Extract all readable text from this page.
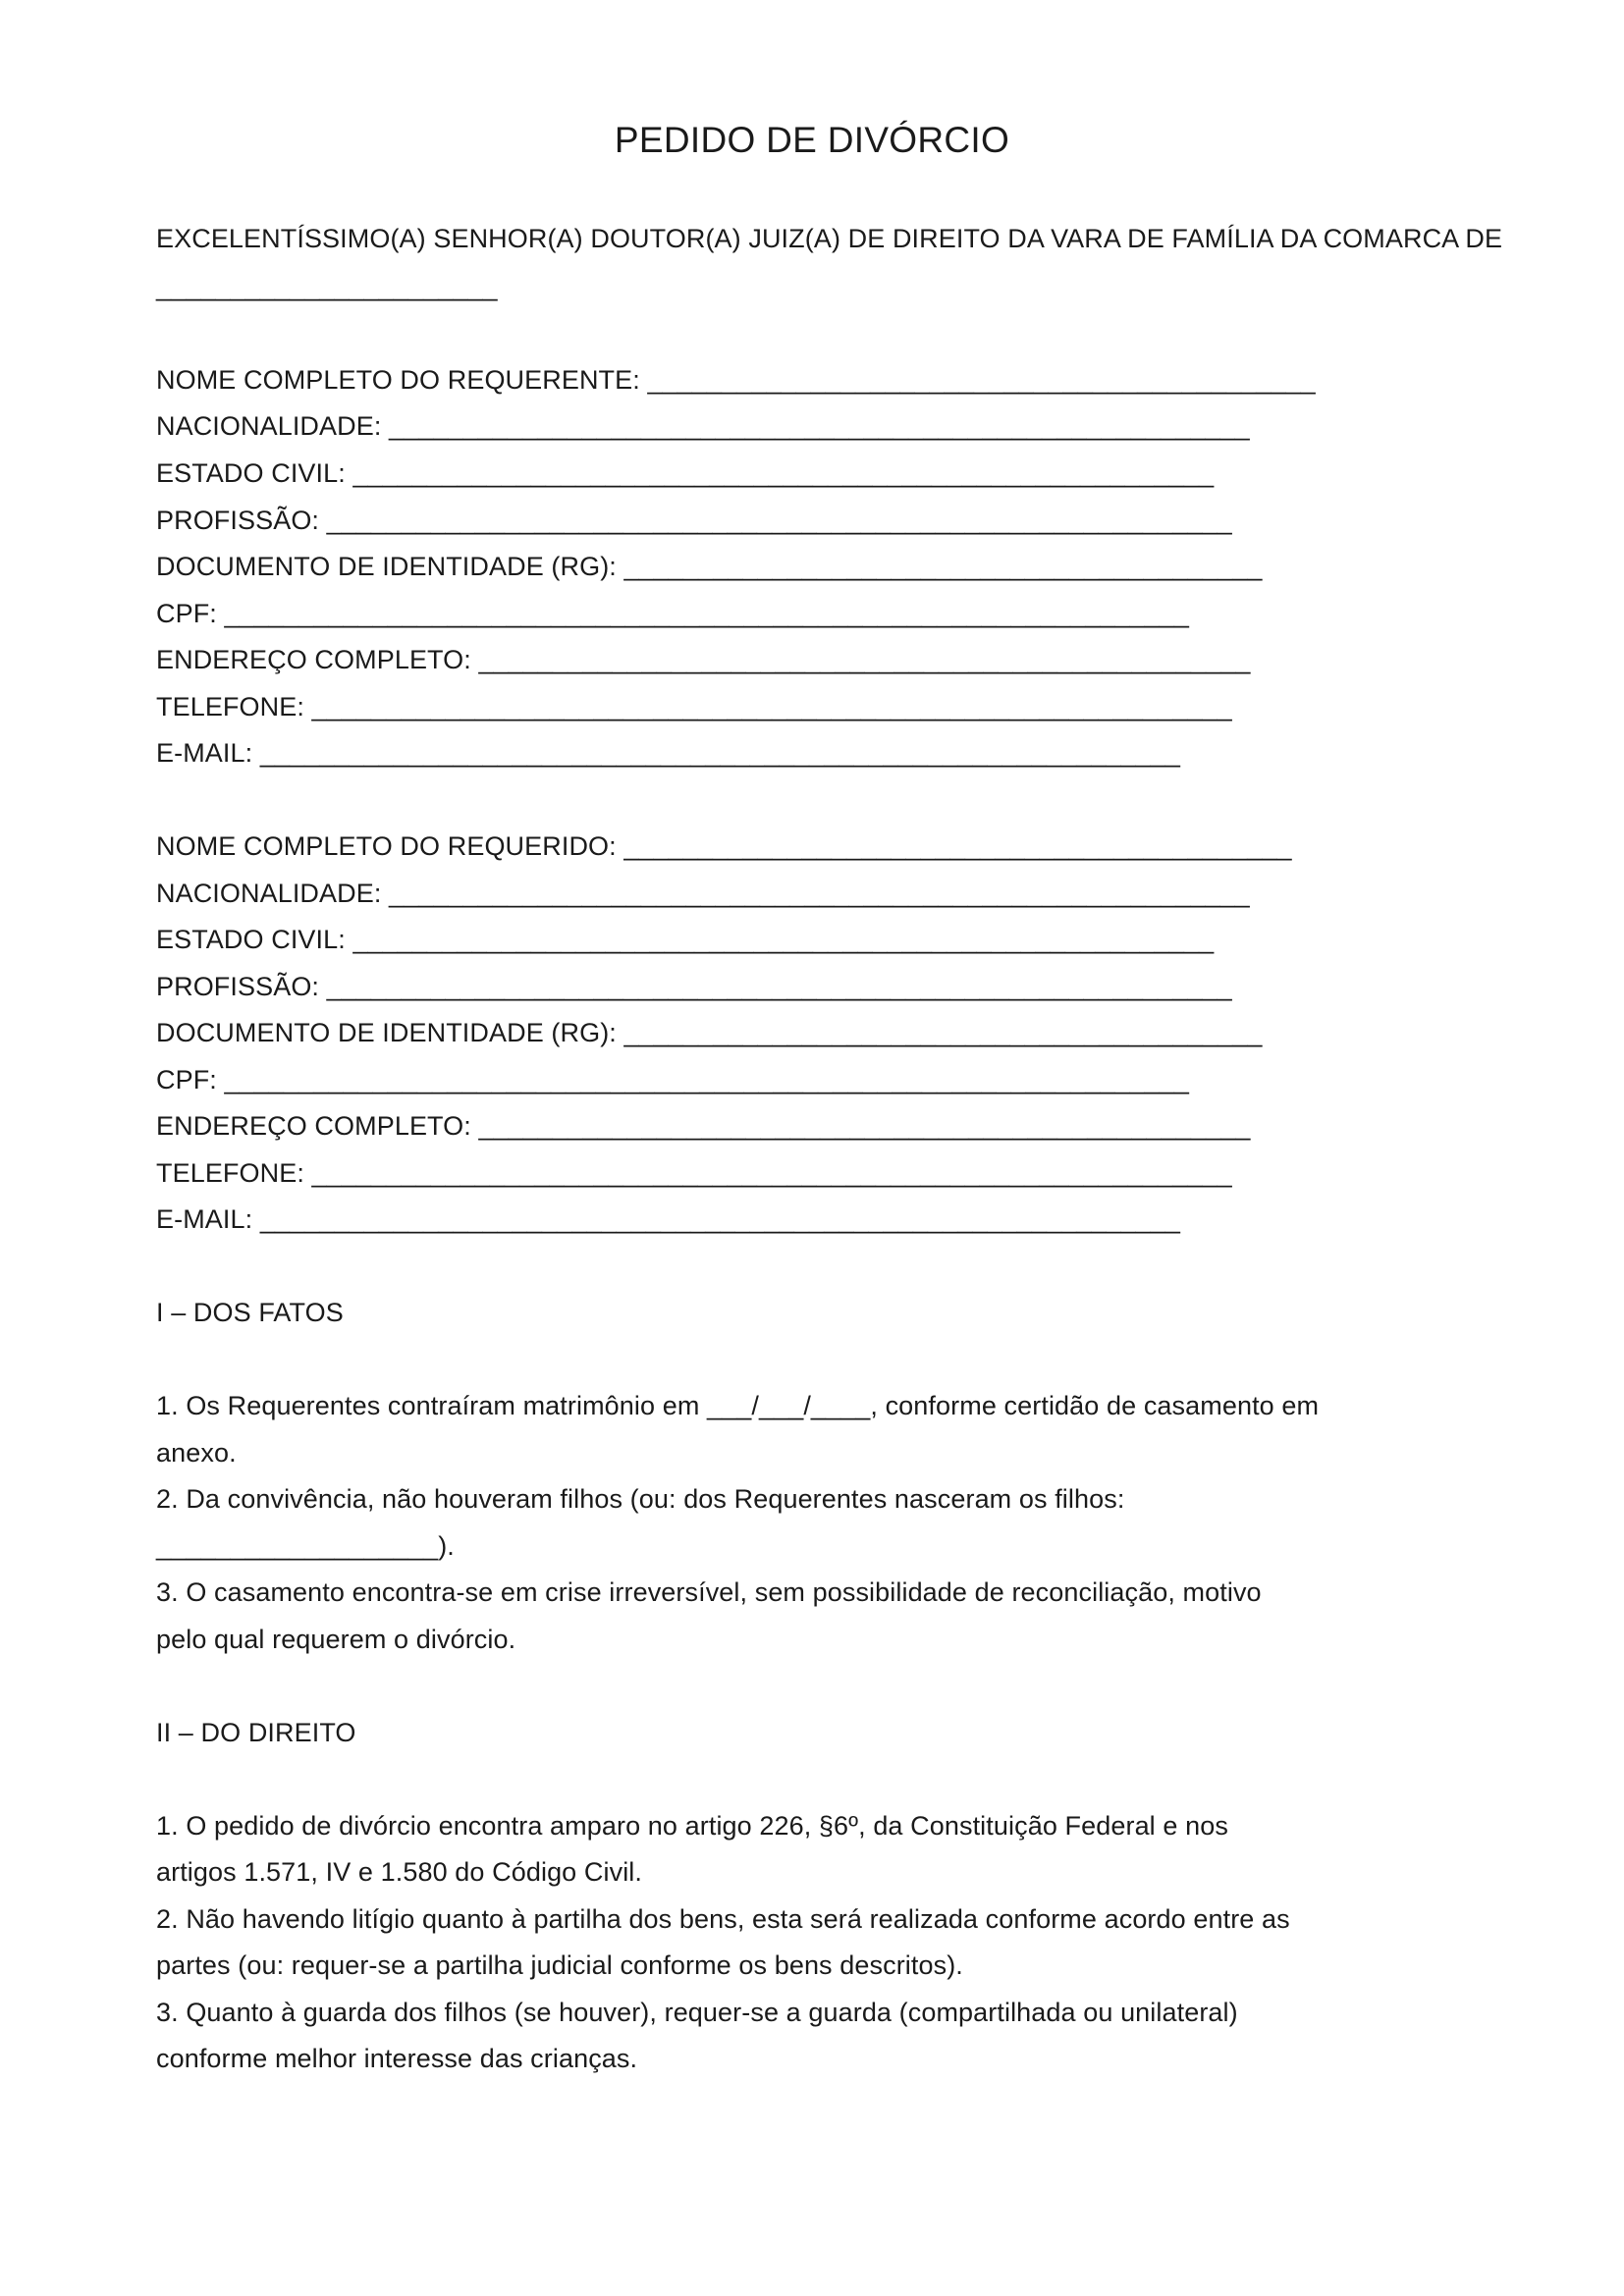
PEDIDO DE DIVÓRCIO
EXCELENTÍSSIMO(A) SENHOR(A) DOUTOR(A) JUIZ(A) DE DIREITO DA VARA DE FAMÍLIA DA COMARCA DE
_______________________
NOME COMPLETO DO REQUERENTE: _____________________________________________
NACIONALIDADE: __________________________________________________________
ESTADO CIVIL: __________________________________________________________
PROFISSÃO: _____________________________________________________________
DOCUMENTO DE IDENTIDADE (RG): ___________________________________________
CPF: _________________________________________________________________
ENDEREÇO COMPLETO: ____________________________________________________
TELEFONE: ______________________________________________________________
E-MAIL: ______________________________________________________________
NOME COMPLETO DO REQUERIDO: _____________________________________________
NACIONALIDADE: __________________________________________________________
ESTADO CIVIL: __________________________________________________________
PROFISSÃO: _____________________________________________________________
DOCUMENTO DE IDENTIDADE (RG): ___________________________________________
CPF: _________________________________________________________________
ENDEREÇO COMPLETO: ____________________________________________________
TELEFONE: ______________________________________________________________
E-MAIL: ______________________________________________________________
I – DOS FATOS
1. Os Requerentes contraíram matrimônio em ___/___/____, conforme certidão de casamento em
anexo.
2. Da convivência, não houveram filhos (ou: dos Requerentes nasceram os filhos:
___________________).
3. O casamento encontra-se em crise irreversível, sem possibilidade de reconciliação, motivo
pelo qual requerem o divórcio.
II – DO DIREITO
1. O pedido de divórcio encontra amparo no artigo 226, §6º, da Constituição Federal e nos
artigos 1.571, IV e 1.580 do Código Civil.
2. Não havendo litígio quanto à partilha dos bens, esta será realizada conforme acordo entre as
partes (ou: requer-se a partilha judicial conforme os bens descritos).
3. Quanto à guarda dos filhos (se houver), requer-se a guarda (compartilhada ou unilateral)
conforme melhor interesse das crianças.
